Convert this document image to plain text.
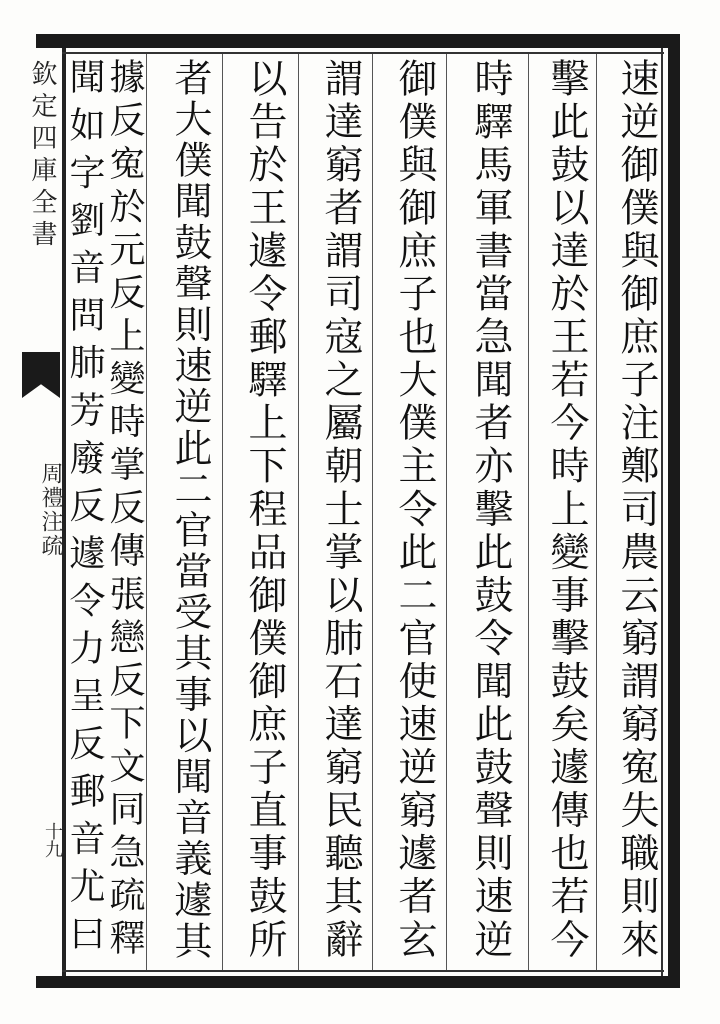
欽定四庫全書
周禮注疏
十九	速逆御僕與御庶子注鄭司農云窮謂窮寃失職則來
擊此鼓以達於王若今時上變事擊鼓矣遽傳也若今
時驛馬軍書當急聞者亦擊此鼓令聞此鼓聲則速逆
御僕與御庶子也大僕主令此二官使速逆窮遽者玄
謂達窮者謂司寇之屬朝士掌以肺石達窮民聽其辭
以告於王遽令郵驛上下程品御僕御庶子直事鼓所
者大僕聞鼓聲則速逆此二官當受其事以聞音義遽其
據反寃於元反上變時掌反傳張戀反下文同急疏釋
聞如字劉音問肺芳廢反遽令力呈反郵音尤曰
